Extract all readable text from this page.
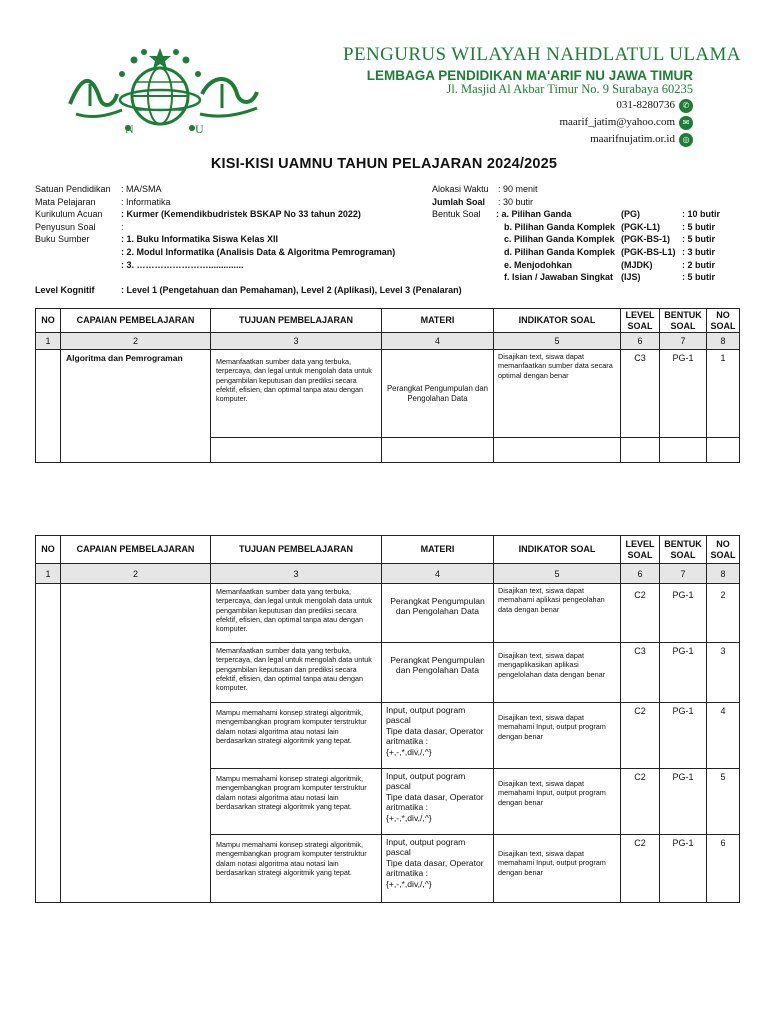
N	U
PENGURUS WILAYAH NAHDLATUL ULAMA
LEMBAGA PENDIDIKAN MA'ARIF NU JAWA TIMUR
Jl. Masjid Al Akbar Timur No. 9 Surabaya 60235
031-8280736 ✆
maarif_jatim@yahoo.com ✉
maarifnujatim.or.id ◎
KISI-KISI UAMNU TAHUN PELAJARAN 2024/2025
Satuan Pendidikan : MA/SMA
Mata Pelajaran	: Informatika
Kurikulum Acuan : Kurmer (Kemendikbudristek BSKAP No 33 tahun 2022)
Penyusun Soal	:
Buku Sumber	: 1. Buku Informatika Siswa Kelas XII
: 2. Modul Informatika (Analisis Data & Algoritma Pemrograman)
: 3. ……………………..............
Level Kognitif	: Level 1 (Pengetahuan dan Pemahaman), Level 2 (Aplikasi), Level 3 (Penalaran)
Alokasi Waktu : 90 menit
Jumlah Soal : 30 butir
Bentuk Soal : a. Pilihan Ganda	(PG)	: 10 butir
b. Pilihan Ganda Komplek (PGK-L1) : 5 butir
c. Pilihan Ganda Komplek (PGK-BS-1) : 5 butir
d. Pilihan Ganda Komplek (PGK-BS-L1) : 3 butir
e. Menjodohkan	(MJDK)	: 2 butir
f. Isian / Jawaban Singkat (IJS)	: 5 butir
NO	CAPAIAN PEMBELAJARAN	TUJUAN PEMBELAJARAN	MATERI	INDIKATOR SOAL	LEVEL SOAL	BENTUK SOAL	NO SOAL
1	2	3	4	5	6	7	8
	Algoritma dan Pemrograman	Memanfaatkan sumber data yang terbuka, terpercaya, dan legal untuk mengolah data untuk pengambilan keputusan dan prediksi secara efektif, efisien, dan optimal tanpa atau dengan komputer.	Perangkat Pengumpulan dan Pengolahan Data	Disajikan text, siswa dapat memanfaatkan sumber data secara optimal dengan benar	C3	PG-1	1

NO	CAPAIAN PEMBELAJARAN	TUJUAN PEMBELAJARAN	MATERI	INDIKATOR SOAL	LEVEL SOAL	BENTUK SOAL	NO SOAL
1	2	3	4	5	6	7	8
		Memanfaatkan sumber data yang terbuka, terpercaya, dan legal untuk mengolah data untuk pengambilan keputusan dan prediksi secara efektif, efisien, dan optimal tanpa atau dengan komputer.	Perangkat Pengumpulan dan Pengolahan Data	Disajikan text, siswa dapat memahami aplikasi pengeolahan data dengan benar	C2	PG-1	2
		Memanfaatkan sumber data yang terbuka, terpercaya, dan legal untuk mengolah data untuk pengambilan keputusan dan prediksi secara efektif, efisien, dan optimal tanpa atau dengan komputer.	Perangkat Pengumpulan dan Pengolahan Data	Disajikan text, siswa dapat mengaplikasikan aplikasi pengelolahan data dengan benar	C3	PG-1	3
		Mampu memahami konsep strategi algoritmik, mengembangkan program komputer terstruktur dalam notasi algoritma atau notasi lain berdasarkan strategi algoritmik yang tepat.	Input, output pogram pascal
Tipe data dasar, Operator aritmatika :
{+,-,*,div,/,^}	Disajikan text, siswa dapat memahami Input, output program dengan benar	C2	PG-1	4
		Mampu memahami konsep strategi algoritmik, mengembangkan program komputer terstruktur dalam notasi algoritma atau notasi lain berdasarkan strategi algoritmik yang tepat.	Input, output pogram pascal
Tipe data dasar, Operator aritmatika :
{+,-,*,div,/,^}	Disajikan text, siswa dapat memahami Input, output program dengan benar	C2	PG-1	5
		Mampu memahami konsep strategi algoritmik, mengembangkan program komputer terstruktur dalam notasi algoritma atau notasi lain berdasarkan strategi algoritmik yang tepat.	Input, output pogram pascal
Tipe data dasar, Operator aritmatika :
{+,-,*,div,/,^}	Disajikan text, siswa dapat memahami Input, output program dengan benar	C2	PG-1	6
